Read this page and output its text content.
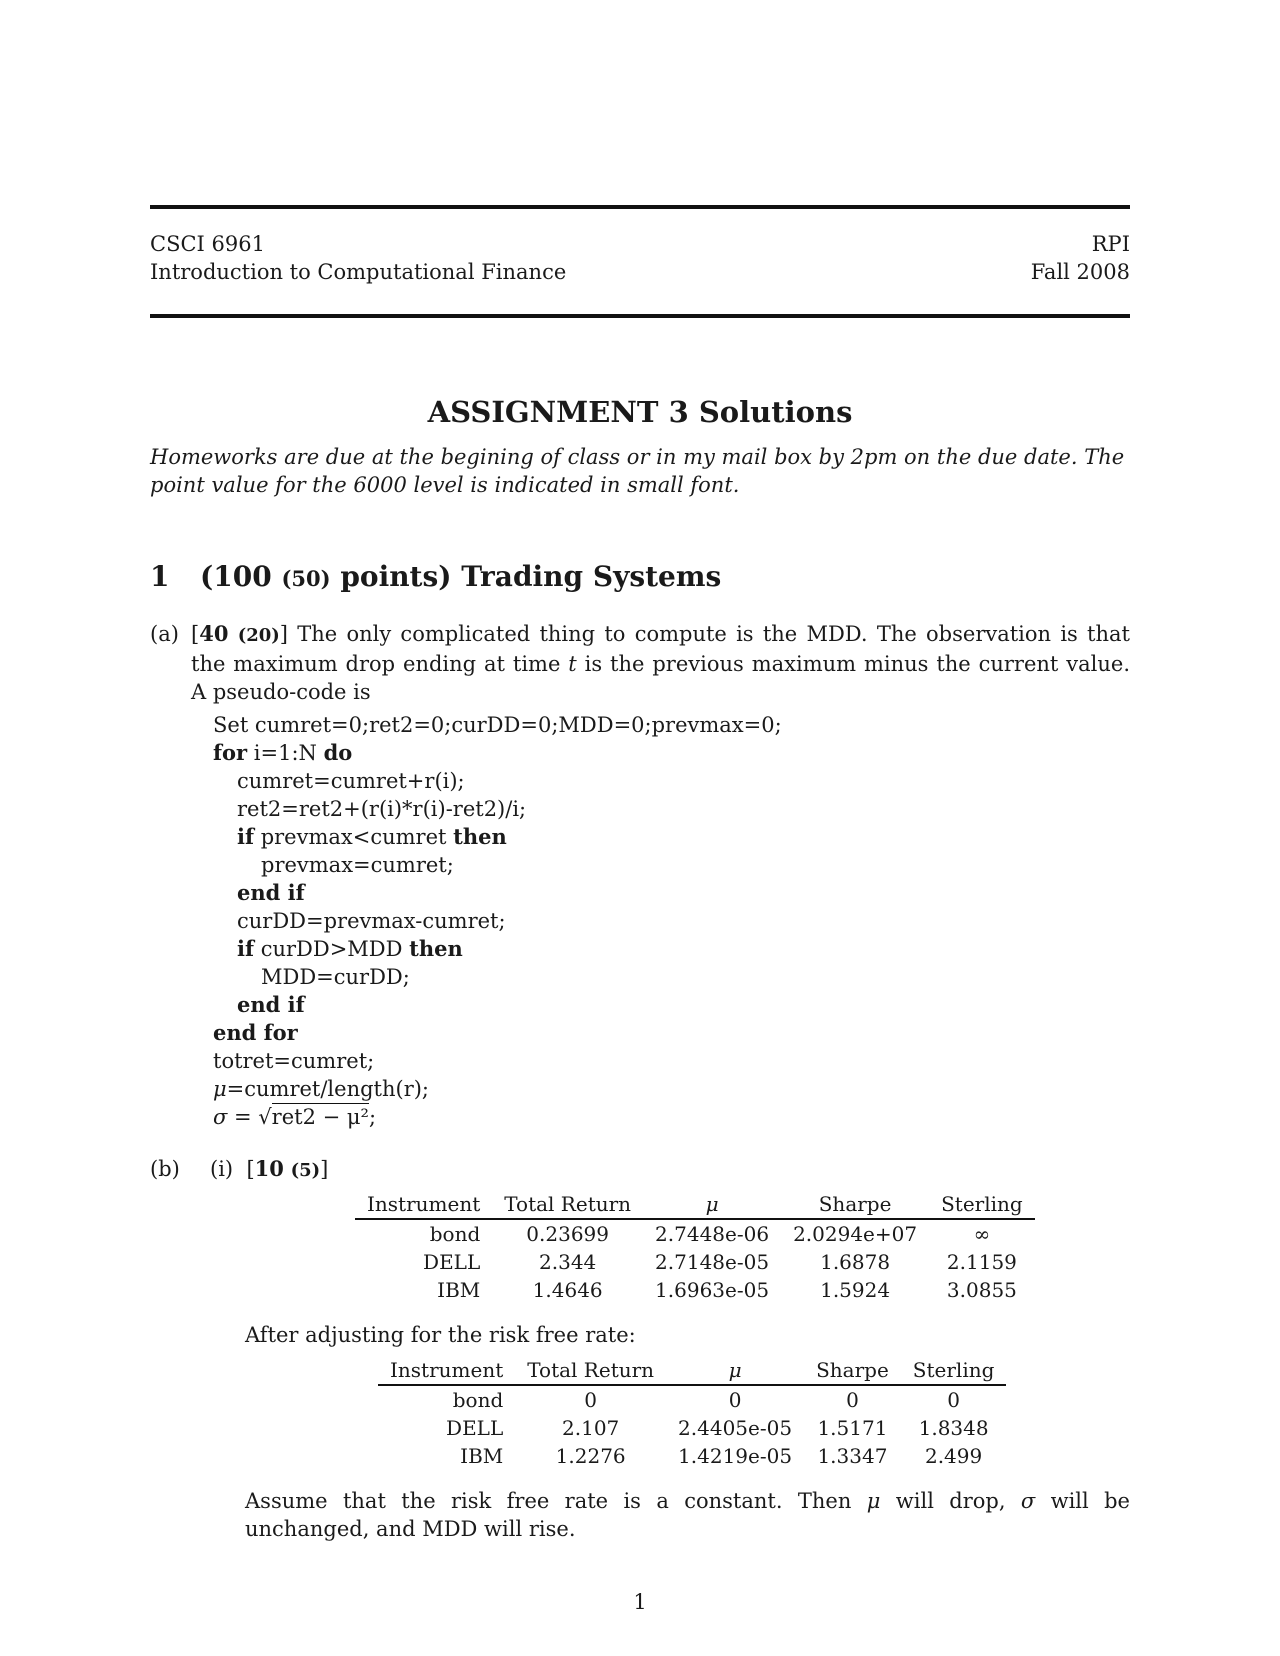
CSCI 6961
Introduction to Computational Finance
RPI
Fall 2008
ASSIGNMENT 3 Solutions
Homeworks are due at the begining of class or in my mail box by 2pm on the due date. The point value for the 6000 level is indicated in small font.
1 (100 (50) points) Trading Systems
(a) [40 (20)] The only complicated thing to compute is the MDD. The observation is that the maximum drop ending at time t is the previous maximum minus the current value. A pseudo-code is
Set cumret=0;ret2=0;curDD=0;MDD=0;prevmax=0;
for i=1:N do
cumret=cumret+r(i);
ret2=ret2+(r(i)*r(i)-ret2)/i;
if prevmax<cumret then
prevmax=cumret;
end if
curDD=prevmax-cumret;
if curDD>MDD then
MDD=curDD;
end if
end for
totret=cumret;
μ=cumret/length(r);
σ = √ret2 − μ²;
(b) (i) [10 (5)]
Instrument	Total Return	μ	Sharpe	Sterling
bond	0.23699	2.7448e-06	2.0294e+07	∞
DELL	2.344	2.7148e-05	1.6878	2.1159
IBM	1.4646	1.6963e-05	1.5924	3.0855
After adjusting for the risk free rate:
Instrument	Total Return	μ	Sharpe	Sterling
bond	0	0	0	0
DELL	2.107	2.4405e-05	1.5171	1.8348
IBM	1.2276	1.4219e-05	1.3347	2.499
Assume that the risk free rate is a constant. Then μ will drop, σ will be unchanged, and MDD will rise.
1
